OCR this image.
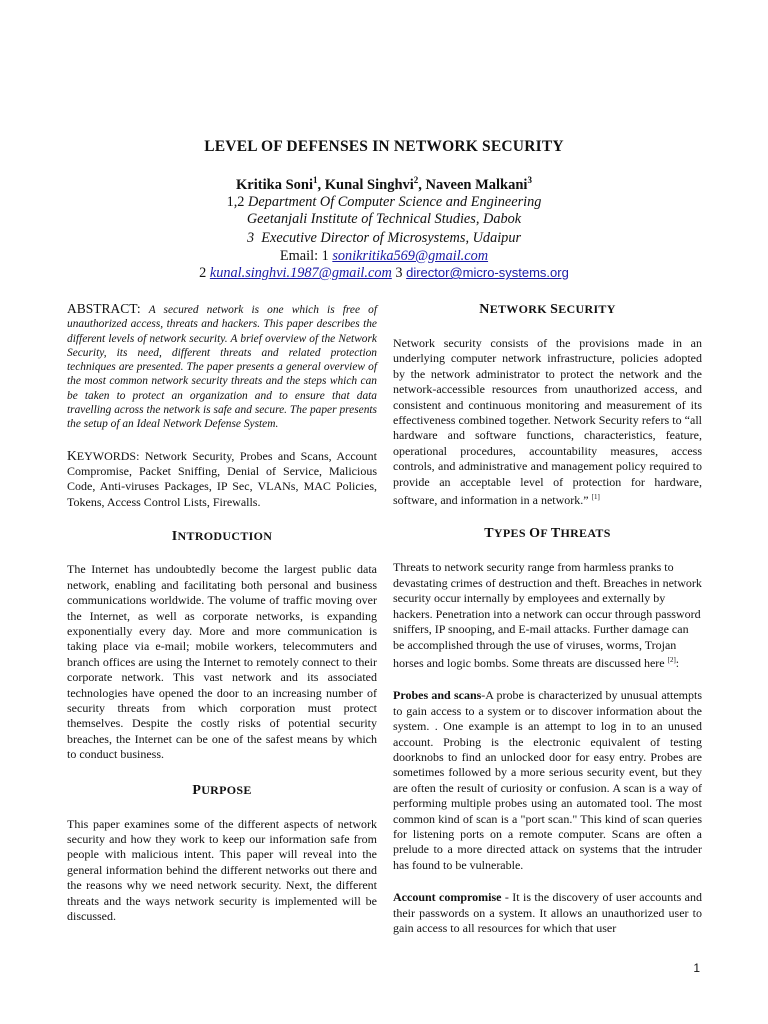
LEVEL OF DEFENSES IN NETWORK SECURITY
Kritika Soni$^1$, Kunal Singhvi$^2$, Naveen Malkani$^3$
1,2 Department Of Computer Science and Engineering
Geetanjali Institute of Technical Studies, Dabok
3 Executive Director of Microsystems, Udaipur
Email: 1 sonikritika569@gmail.com
2 kunal.singhvi.1987@gmail.com 3 director@micro-systems.org

ABSTRACT: A secured network is one which is free of unauthorized access, threats and hackers. This paper describes the different levels of network security. A brief overview of the Network Security, its need, different threats and related protection techniques are presented. The paper presents a general overview of the most common network security threats and the steps which can be taken to protect an organization and to ensure that data travelling across the network is safe and secure. The paper presents the setup of an Ideal Network Defense System.

KEYWORDS: Network Security, Probes and Scans, Account Compromise, Packet Sniffing, Denial of Service, Malicious Code, Anti-viruses Packages, IP Sec, VLANs, MAC Policies, Tokens, Access Control Lists, Firewalls.

INTRODUCTION

The Internet has undoubtedly become the largest public data network, enabling and facilitating both personal and business communications worldwide. The volume of traffic moving over the Internet, as well as corporate networks, is expanding exponentially every day. More and more communication is taking place via e-mail; mobile workers, telecommuters and branch offices are using the Internet to remotely connect to their corporate network. This vast network and its associated technologies have opened the door to an increasing number of security threats from which corporation must protect themselves. Despite the costly risks of potential security breaches, the Internet can be one of the safest means by which to conduct business.

PURPOSE

This paper examines some of the different aspects of network security and how they work to keep our information safe from people with malicious intent. This paper will reveal into the general information behind the different networks out there and the reasons why we need network security. Next, the different threats and the ways network security is implemented will be discussed.

NETWORK SECURITY

Network security consists of the provisions made in an underlying computer network infrastructure, policies adopted by the network administrator to protect the network and the network-accessible resources from unauthorized access, and consistent and continuous monitoring and measurement of its effectiveness combined together. Network Security refers to “all hardware and software functions, characteristics, feature, operational procedures, accountability measures, access controls, and administrative and management policy required to provide an acceptable level of protection for hardware, software, and information in a network.” [1]

TYPES OF THREATS

Threats to network security range from harmless pranks to devastating crimes of destruction and theft. Breaches in network security occur internally by employees and externally by hackers. Penetration into a network can occur through password sniffers, IP snooping, and E-mail attacks. Further damage can be accomplished through the use of viruses, worms, Trojan horses and logic bombs. Some threats are discussed here [2]:

Probes and scans-A probe is characterized by unusual attempts to gain access to a system or to discover information about the system. . One example is an attempt to log in to an unused account. Probing is the electronic equivalent of testing doorknobs to find an unlocked door for easy entry. Probes are sometimes followed by a more serious security event, but they are often the result of curiosity or confusion. A scan is a way of performing multiple probes using an automated tool. The most common kind of scan is a "port scan." This kind of scan queries for listening ports on a remote computer. Scans are often a prelude to a more directed attack on systems that the intruder has found to be vulnerable.

Account compromise - It is the discovery of user accounts and their passwords on a system. It allows an unauthorized user to gain access to all resources for which that user

1
